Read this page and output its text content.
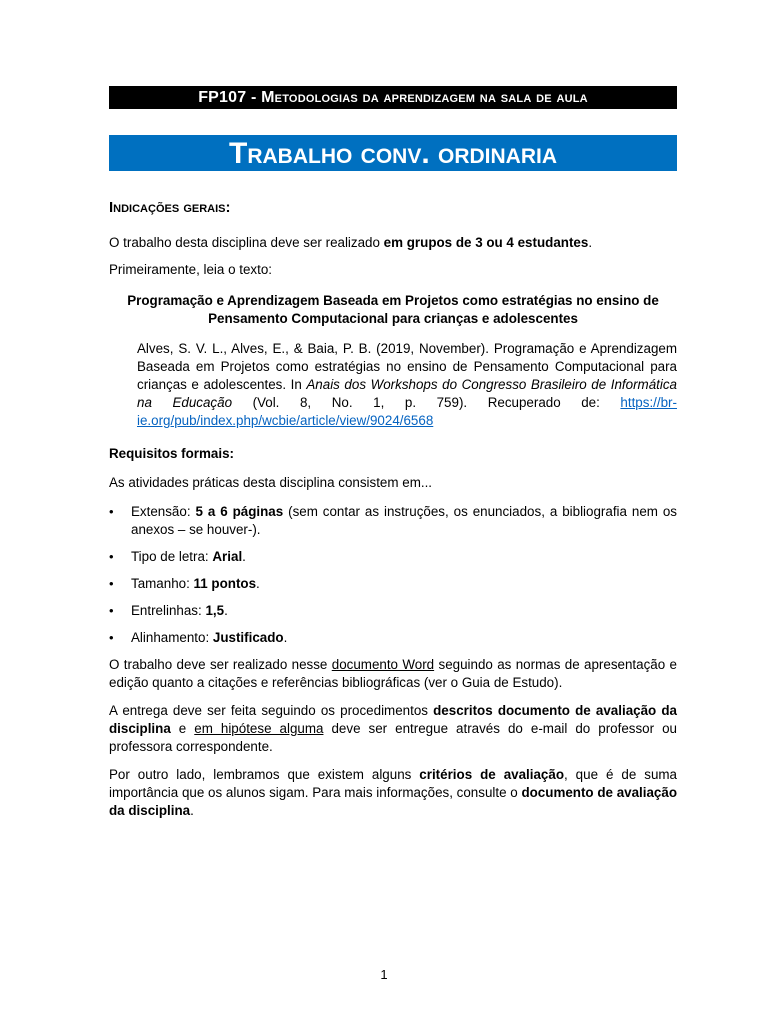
FP107 - Metodologias da aprendizagem na sala de aula
Trabalho conv. ordinaria
Indicações gerais:

O trabalho desta disciplina deve ser realizado em grupos de 3 ou 4 estudantes.

Primeiramente, leia o texto:

Programação e Aprendizagem Baseada em Projetos como estratégias no ensino de Pensamento Computacional para crianças e adolescentes

Alves, S. V. L., Alves, E., & Baia, P. B. (2019, November). Programação e Aprendizagem Baseada em Projetos como estratégias no ensino de Pensamento Computacional para crianças e adolescentes. In Anais dos Workshops do Congresso Brasileiro de Informática na Educação (Vol. 8, No. 1, p. 759). Recuperado de: https://br-ie.org/pub/index.php/wcbie/article/view/9024/6568

Requisitos formais:

As atividades práticas desta disciplina consistem em...

•	Extensão: 5 a 6 páginas (sem contar as instruções, os enunciados, a bibliografia nem os anexos – se houver-).
•	Tipo de letra: Arial.
•	Tamanho: 11 pontos.
•	Entrelinhas: 1,5.
•	Alinhamento: Justificado.

O trabalho deve ser realizado nesse documento Word seguindo as normas de apresentação e edição quanto a citações e referências bibliográficas (ver o Guia de Estudo).

A entrega deve ser feita seguindo os procedimentos descritos documento de avaliação da disciplina e em hipótese alguma deve ser entregue através do e-mail do professor ou professora correspondente.

Por outro lado, lembramos que existem alguns critérios de avaliação, que é de suma importância que os alunos sigam. Para mais informações, consulte o documento de avaliação da disciplina.

1
